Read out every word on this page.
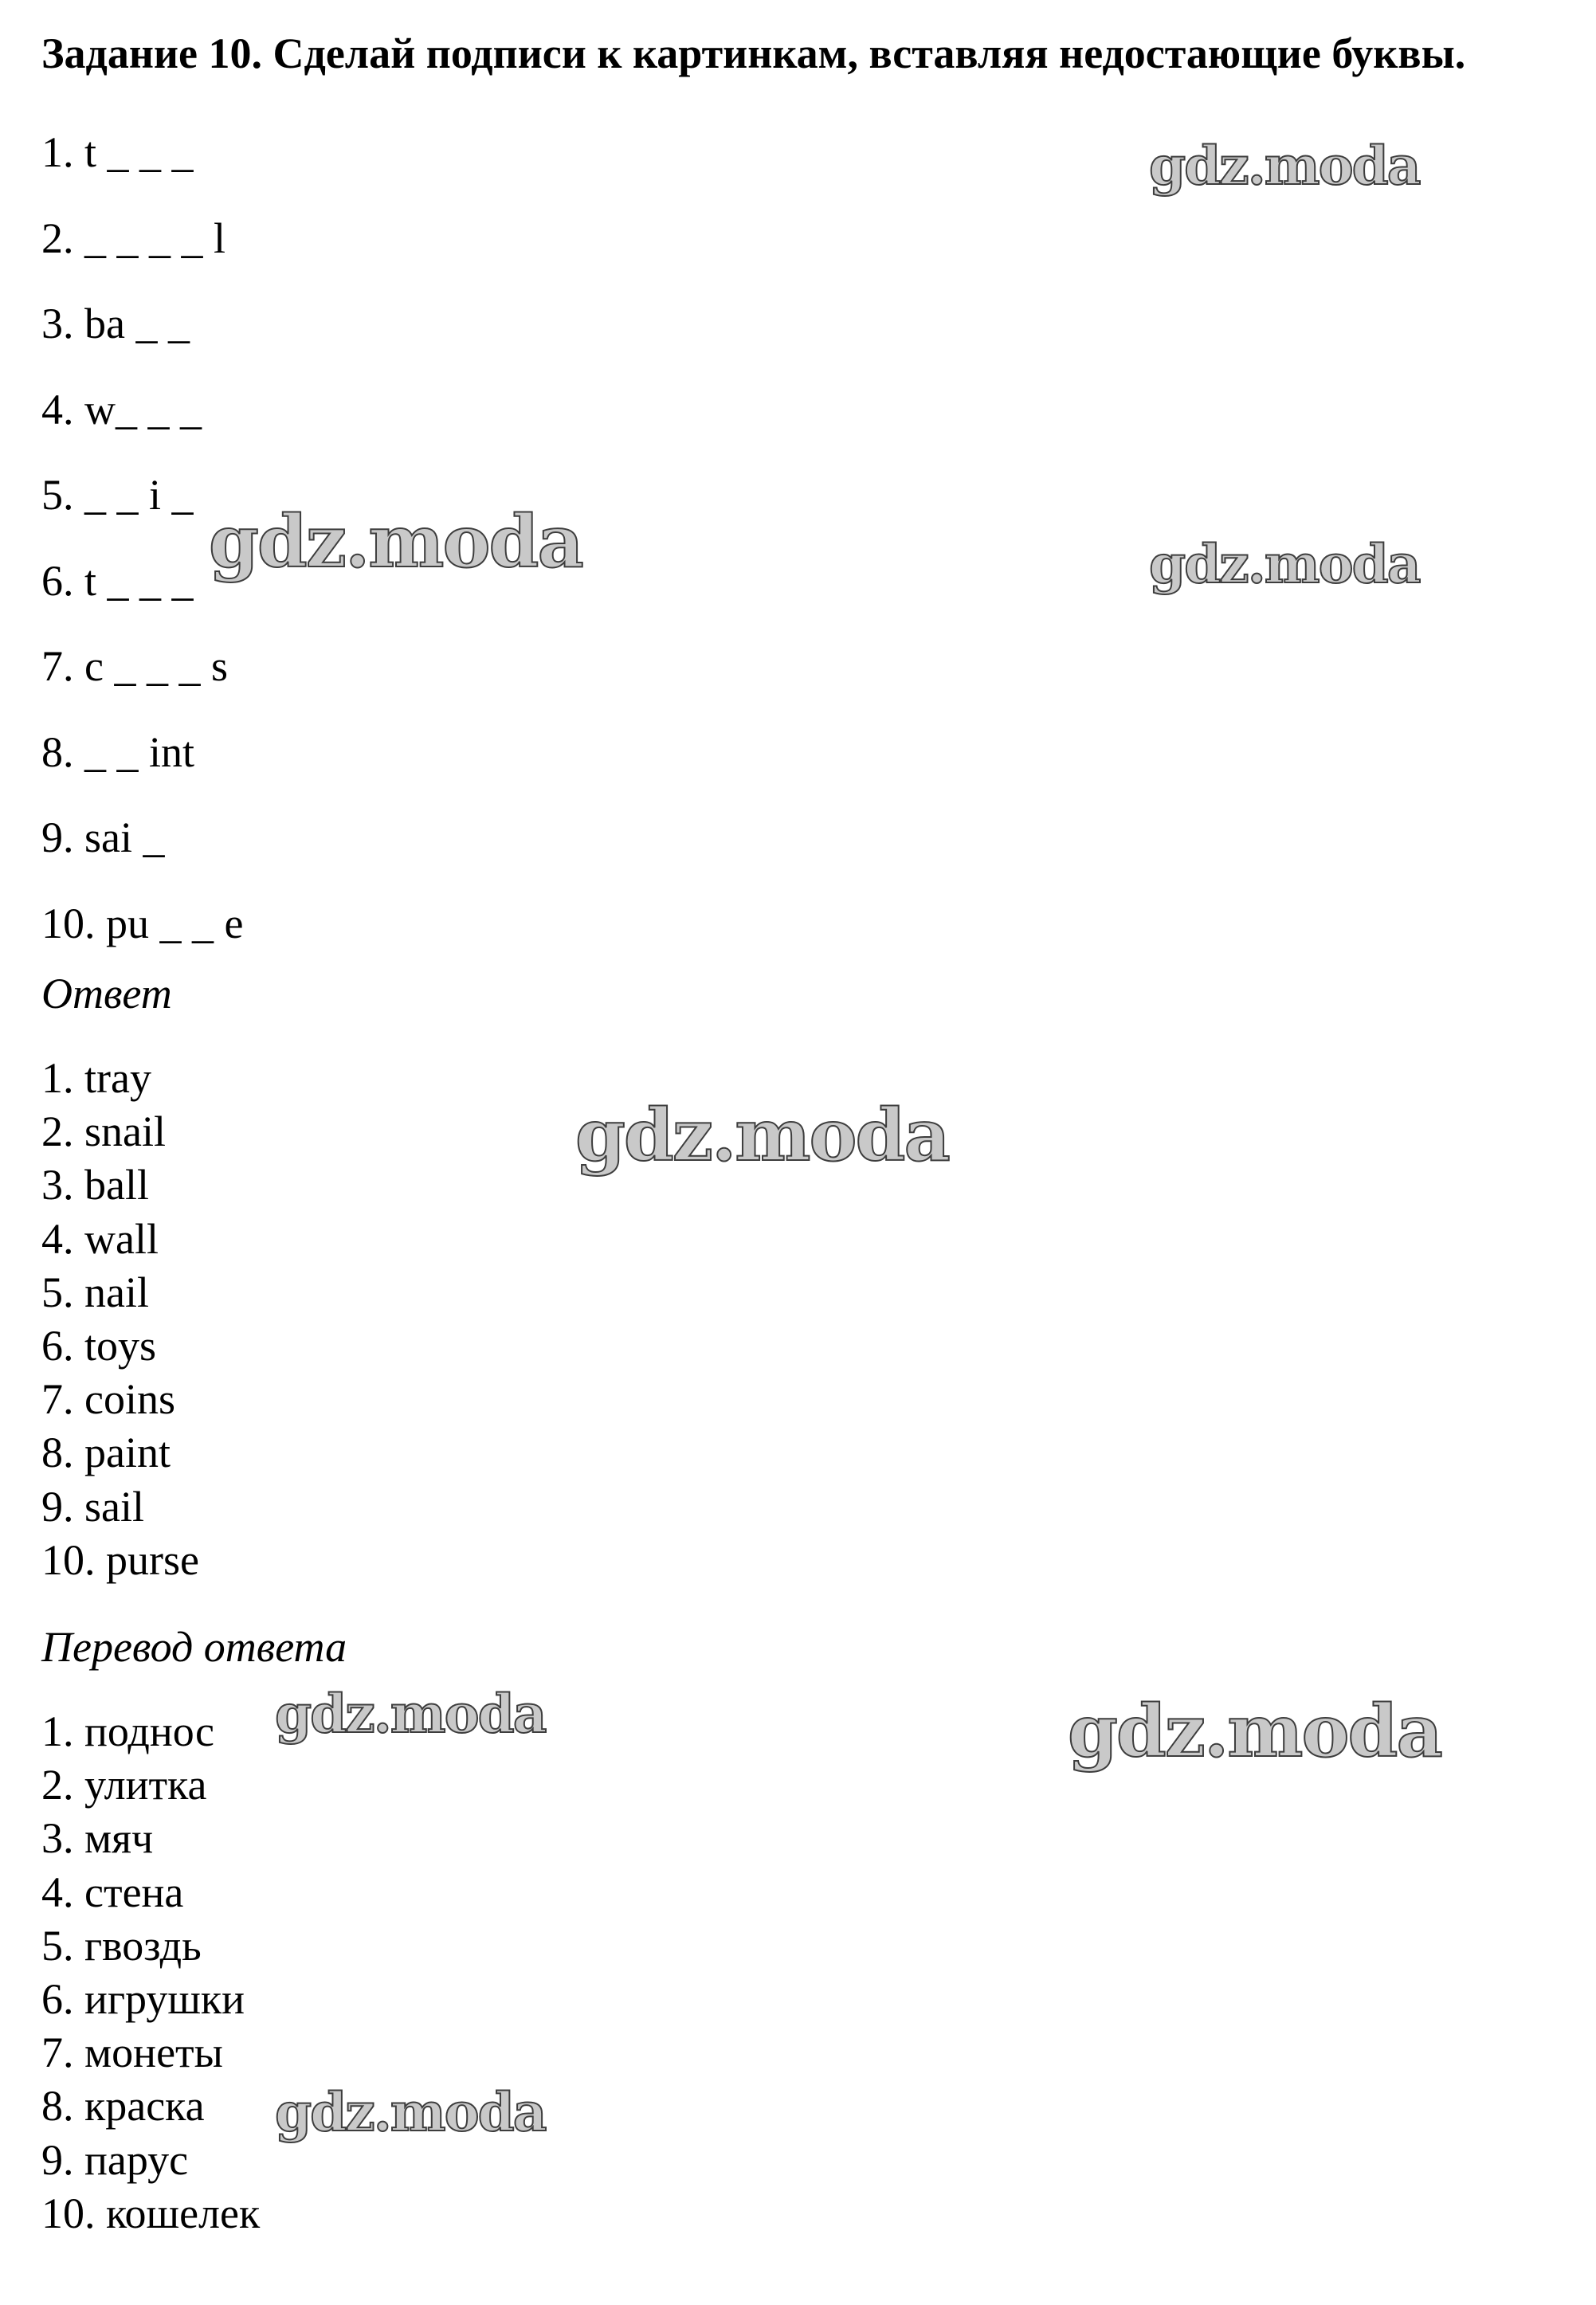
Задание 10. Сделай подписи к картинкам, вставляя недостающие буквы.
1. t _ _ _
2. _ _ _ _ l
3. ba _ _
4. w_ _ _
5. _ _ i _
6. t _ _ _
7. c _ _ _ s
8. _ _ int
9. sai _
10. pu _ _ e
Ответ
1. tray
2. snail
3. ball
4. wall
5. nail
6. toys
7. coins
8. paint
9. sail
10. purse
Перевод ответа
1. поднос
2. улитка
3. мяч
4. стена
5. гвоздь
6. игрушки
7. монеты
8. краска
9. парус
10. кошелек
gdz.moda
gdz.moda	gdz.moda
gdz.moda
gdz.moda	gdz.moda
gdz.moda
